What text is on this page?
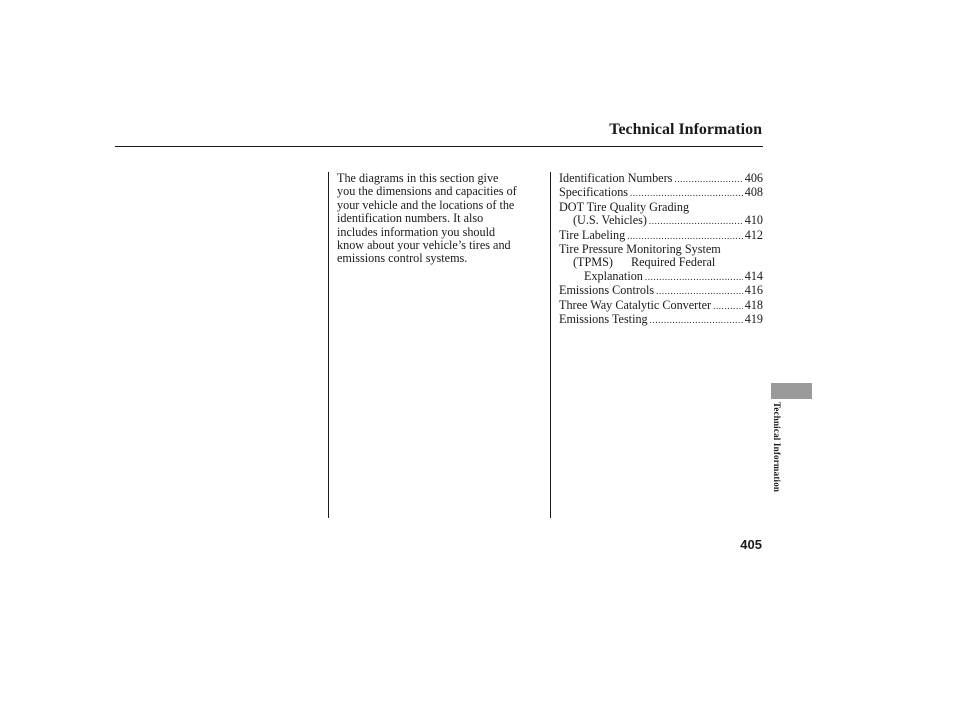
Technical Information

The diagrams in this section give
you the dimensions and capacities of
your vehicle and the locations of the
identification numbers. It also
includes information you should
know about your vehicle’s tires and
emissions control systems.

Identification Numbers .....	406
Specifications .....	408
DOT Tire Quality Grading
(U.S. Vehicles) .....	410
Tire Labeling .....	412
Tire Pressure Monitoring System
(TPMS) Required Federal
Explanation .....	414
Emissions Controls .....	416
Three Way Catalytic Converter .....	418
Emissions Testing .....	419
Technical Information
405
